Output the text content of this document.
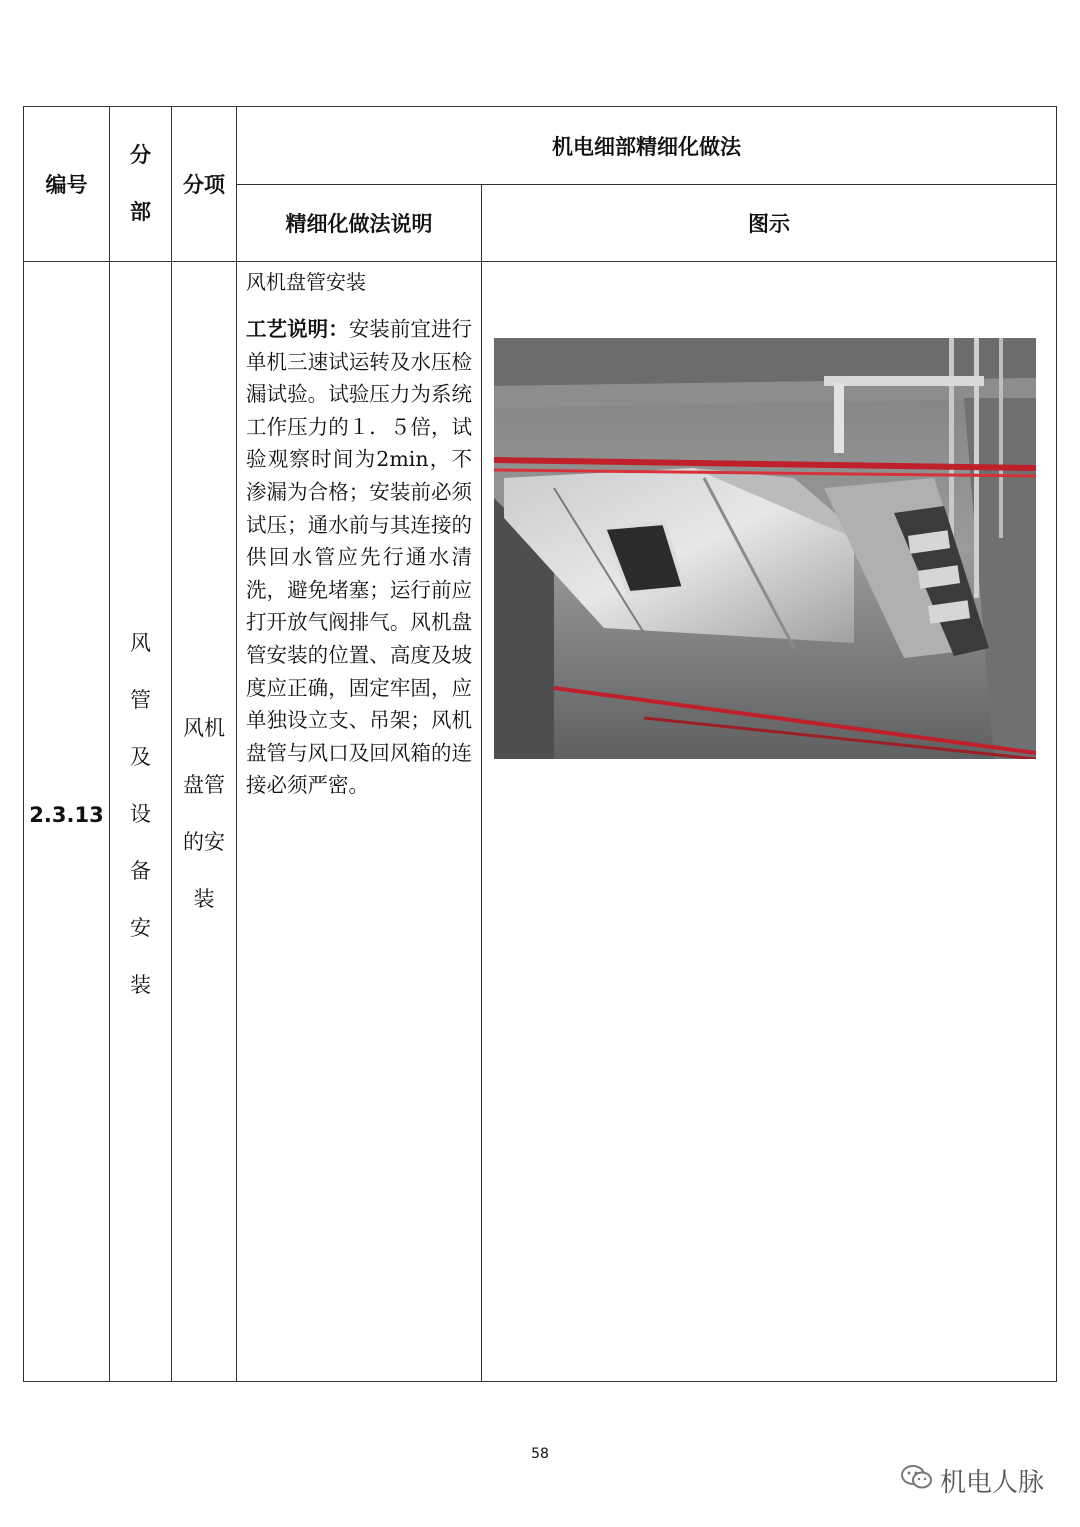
编号
分
部
分项
机电细部精细化做法
精细化做法说明	图示
2.3.13
风
管
及
设
备
安
装
风机
盘管
的安
装
风机盘管安装
工艺说明：安装前宜进行单机三速试运转及水压检漏试验。试验压力为系统工作压力的１．５倍，试验观察时间为2min，不渗漏为合格；安装前必须试压；通水前与其连接的供回水管应先行通水清洗，避免堵塞；运行前应打开放气阀排气。风机盘管安装的位置、高度及坡度应正确，固定牢固，应单独设立支、吊架；风机盘管与风口及回风箱的连接必须严密。
58
机电人脉
